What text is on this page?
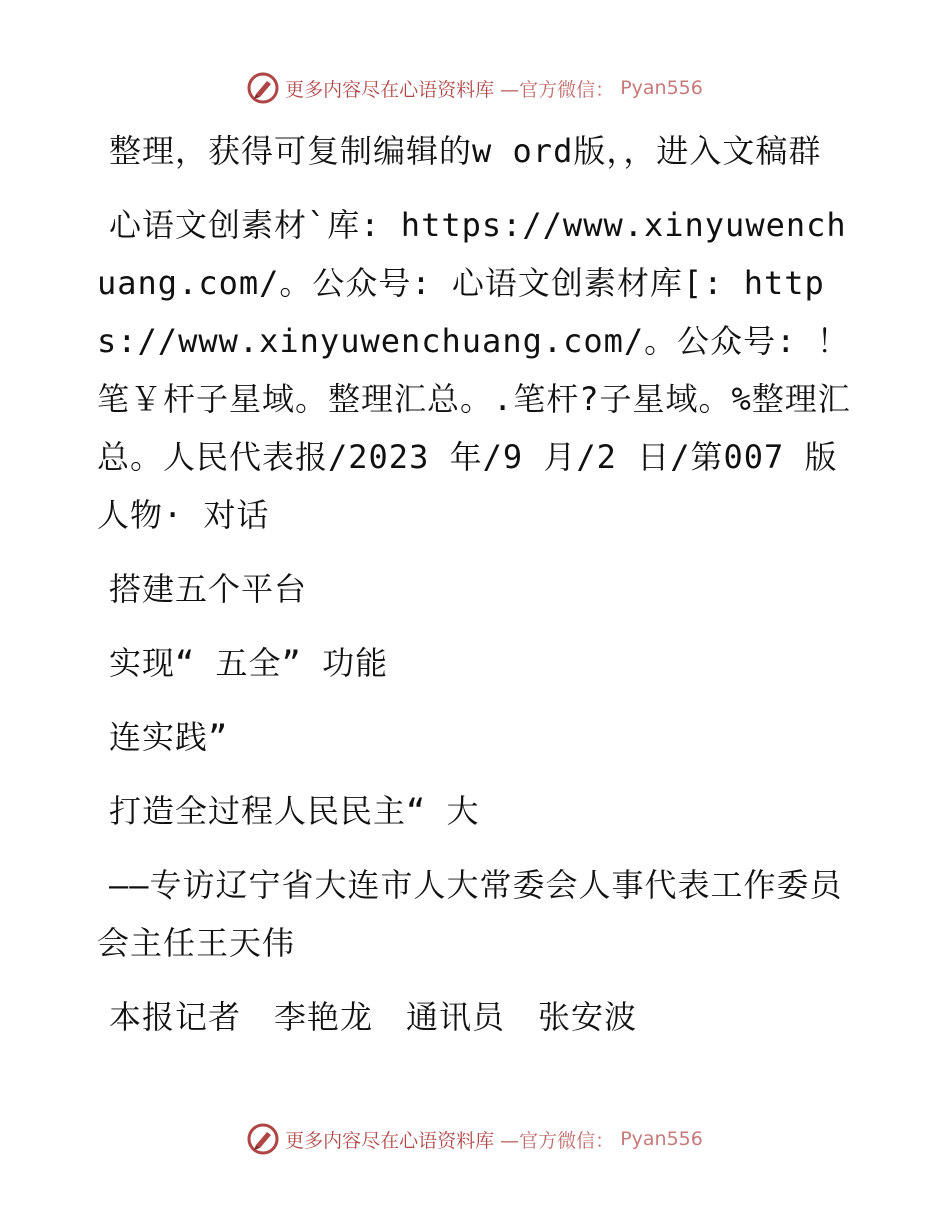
更多内容尽在心语资料库 —官方微信： Pyan556

整理，获得可复制编辑的w ord版，，进入文稿群

心语文创素材`库: https://www.xinyuwenchuang.com/。公众号: 心语文创素材库[: https://www.xinyuwenchuang.com/。公众号: ！笔￥杆子星域。整理汇总。.笔杆?子星域。%整理汇总。人民代表报/2023 年/9 月/2 日/第007 版人物· 对话

搭建五个平台

实现“ 五全” 功能

连实践”

打造全过程人民民主“ 大

——专访辽宁省大连市人大常委会人事代表工作委员会主任王天伟

本报记者　李艳龙　通讯员　张安波

更多内容尽在心语资料库 —官方微信： Pyan556
